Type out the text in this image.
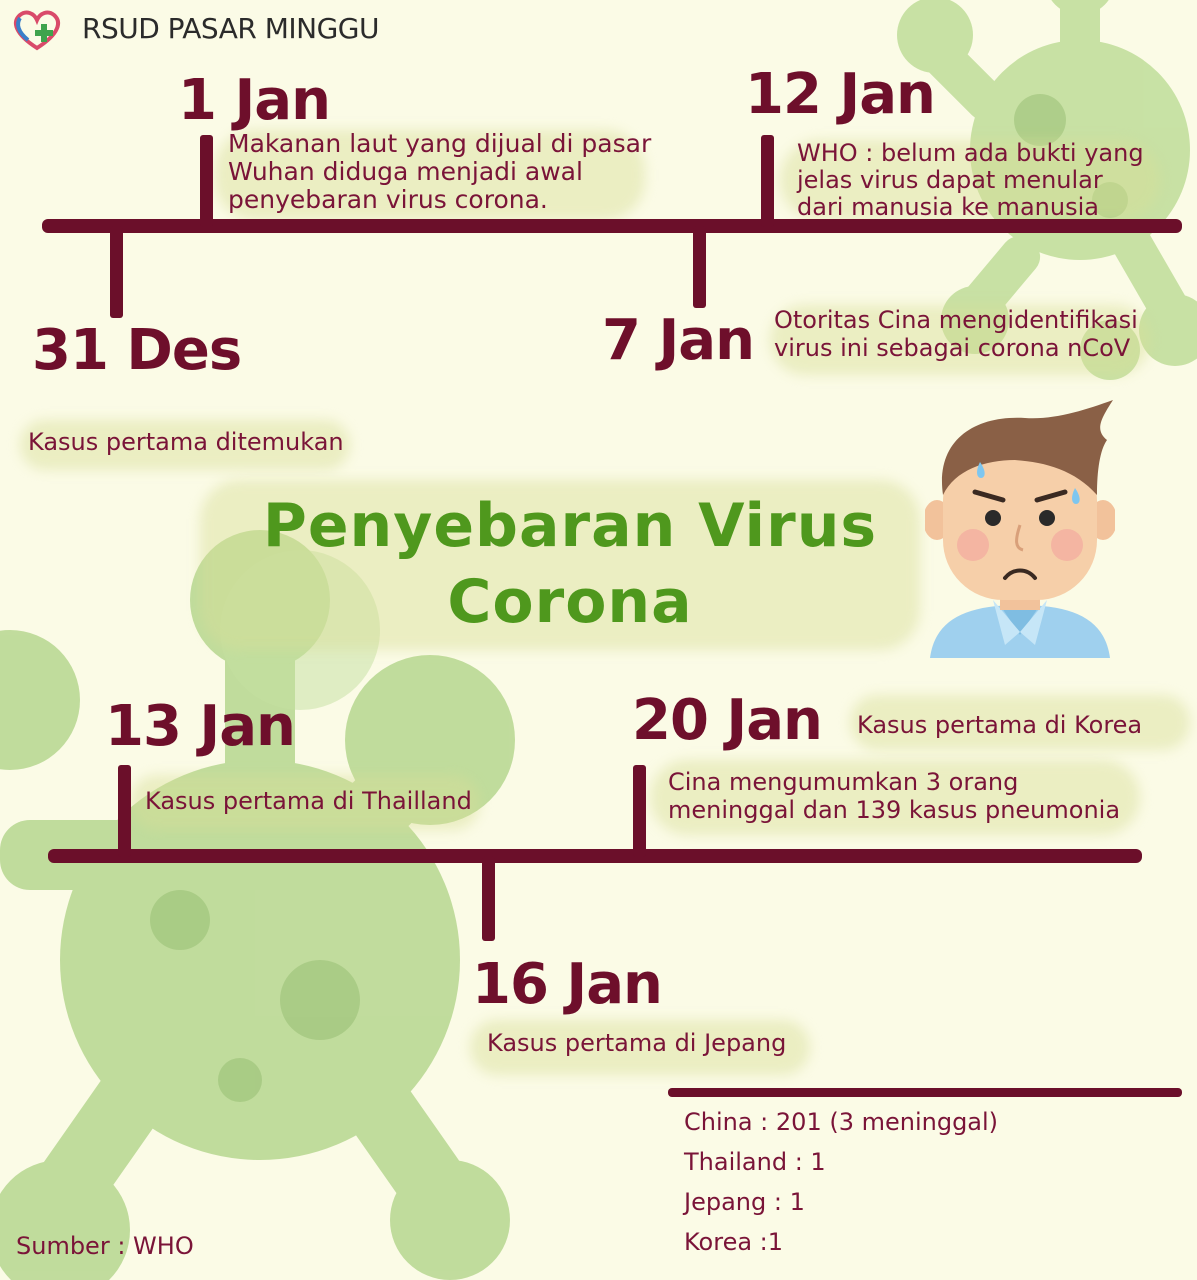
RSUD PASAR MINGGU
31 Des
Kasus pertama ditemukan
1 Jan
Makanan laut yang dijual di pasar
Wuhan diduga menjadi awal
penyebaran virus corona.
7 Jan Otoritas Cina mengidentifikasi
virus ini sebagai corona nCoV
12 Jan
WHO : belum ada bukti yang
jelas virus dapat menular
dari manusia ke manusia
Penyebaran Virus
Corona
13 Jan
Kasus pertama di Thailland
16 Jan
Kasus pertama di Jepang
20 Jan Kasus pertama di Korea
Cina mengumumkan 3 orang
meninggal dan 139 kasus pneumonia
China : 201 (3 meninggal)
Thailand : 1
Jepang : 1
Korea :1
Sumber : WHO
